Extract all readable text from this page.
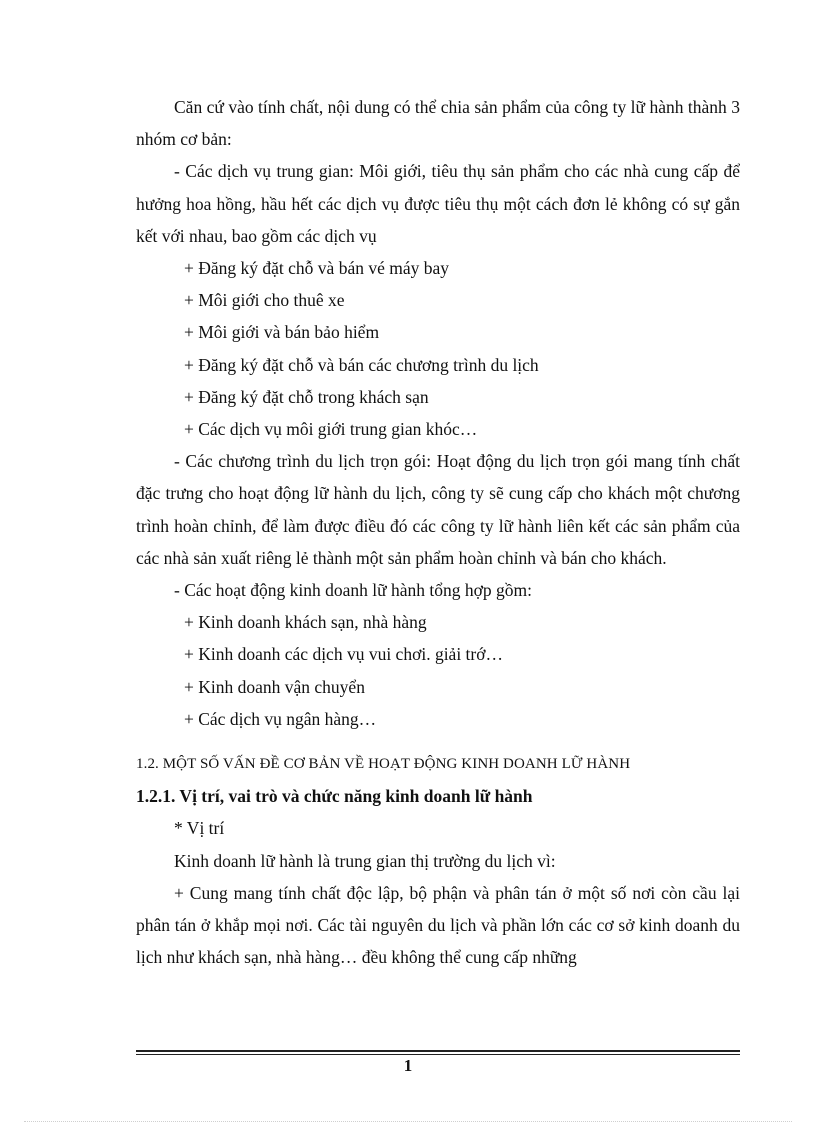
Căn cứ vào tính chất, nội dung có thể chia sản phẩm của công ty lữ hành thành 3 nhóm cơ bản:

- Các dịch vụ trung gian: Môi giới, tiêu thụ sản phẩm cho các nhà cung cấp để hưởng hoa hồng, hầu hết các dịch vụ được tiêu thụ một cách đơn lẻ không có sự gắn kết với nhau, bao gồm các dịch vụ

+ Đăng ký đặt chỗ và bán vé máy bay

+ Môi giới cho thuê xe

+ Môi giới và bán bảo hiểm

+ Đăng ký đặt chỗ và bán các chương trình du lịch

+ Đăng ký đặt chỗ trong khách sạn

+ Các dịch vụ môi giới trung gian khóc…

- Các chương trình du lịch trọn gói: Hoạt động du lịch trọn gói mang tính chất đặc trưng cho hoạt động lữ hành du lịch, công ty sẽ cung cấp cho khách một chương trình hoàn chỉnh, để làm được điều đó các công ty lữ hành liên kết các sản phẩm của các nhà sản xuất riêng lẻ thành một sản phẩm hoàn chỉnh và bán cho khách.

- Các hoạt động kinh doanh lữ hành tổng hợp gồm:

+ Kinh doanh khách sạn, nhà hàng

+ Kinh doanh các dịch vụ vui chơi. giải trớ…

+ Kinh doanh vận chuyển

+ Các dịch vụ ngân hàng…

1.2. MỘT SỐ VẤN ĐỀ CƠ BẢN VỀ HOẠT ĐỘNG KINH DOANH LỮ HÀNH

1.2.1. Vị trí, vai trò và chức năng kinh doanh lữ hành

* Vị trí

Kinh doanh lữ hành là trung gian thị trường du lịch vì:

+ Cung mang tính chất độc lập, bộ phận và phân tán ở một số nơi còn cầu lại phân tán ở khắp mọi nơi. Các tài nguyên du lịch và phần lớn các cơ sở kinh doanh du lịch như khách sạn, nhà hàng… đều không thể cung cấp những

1
